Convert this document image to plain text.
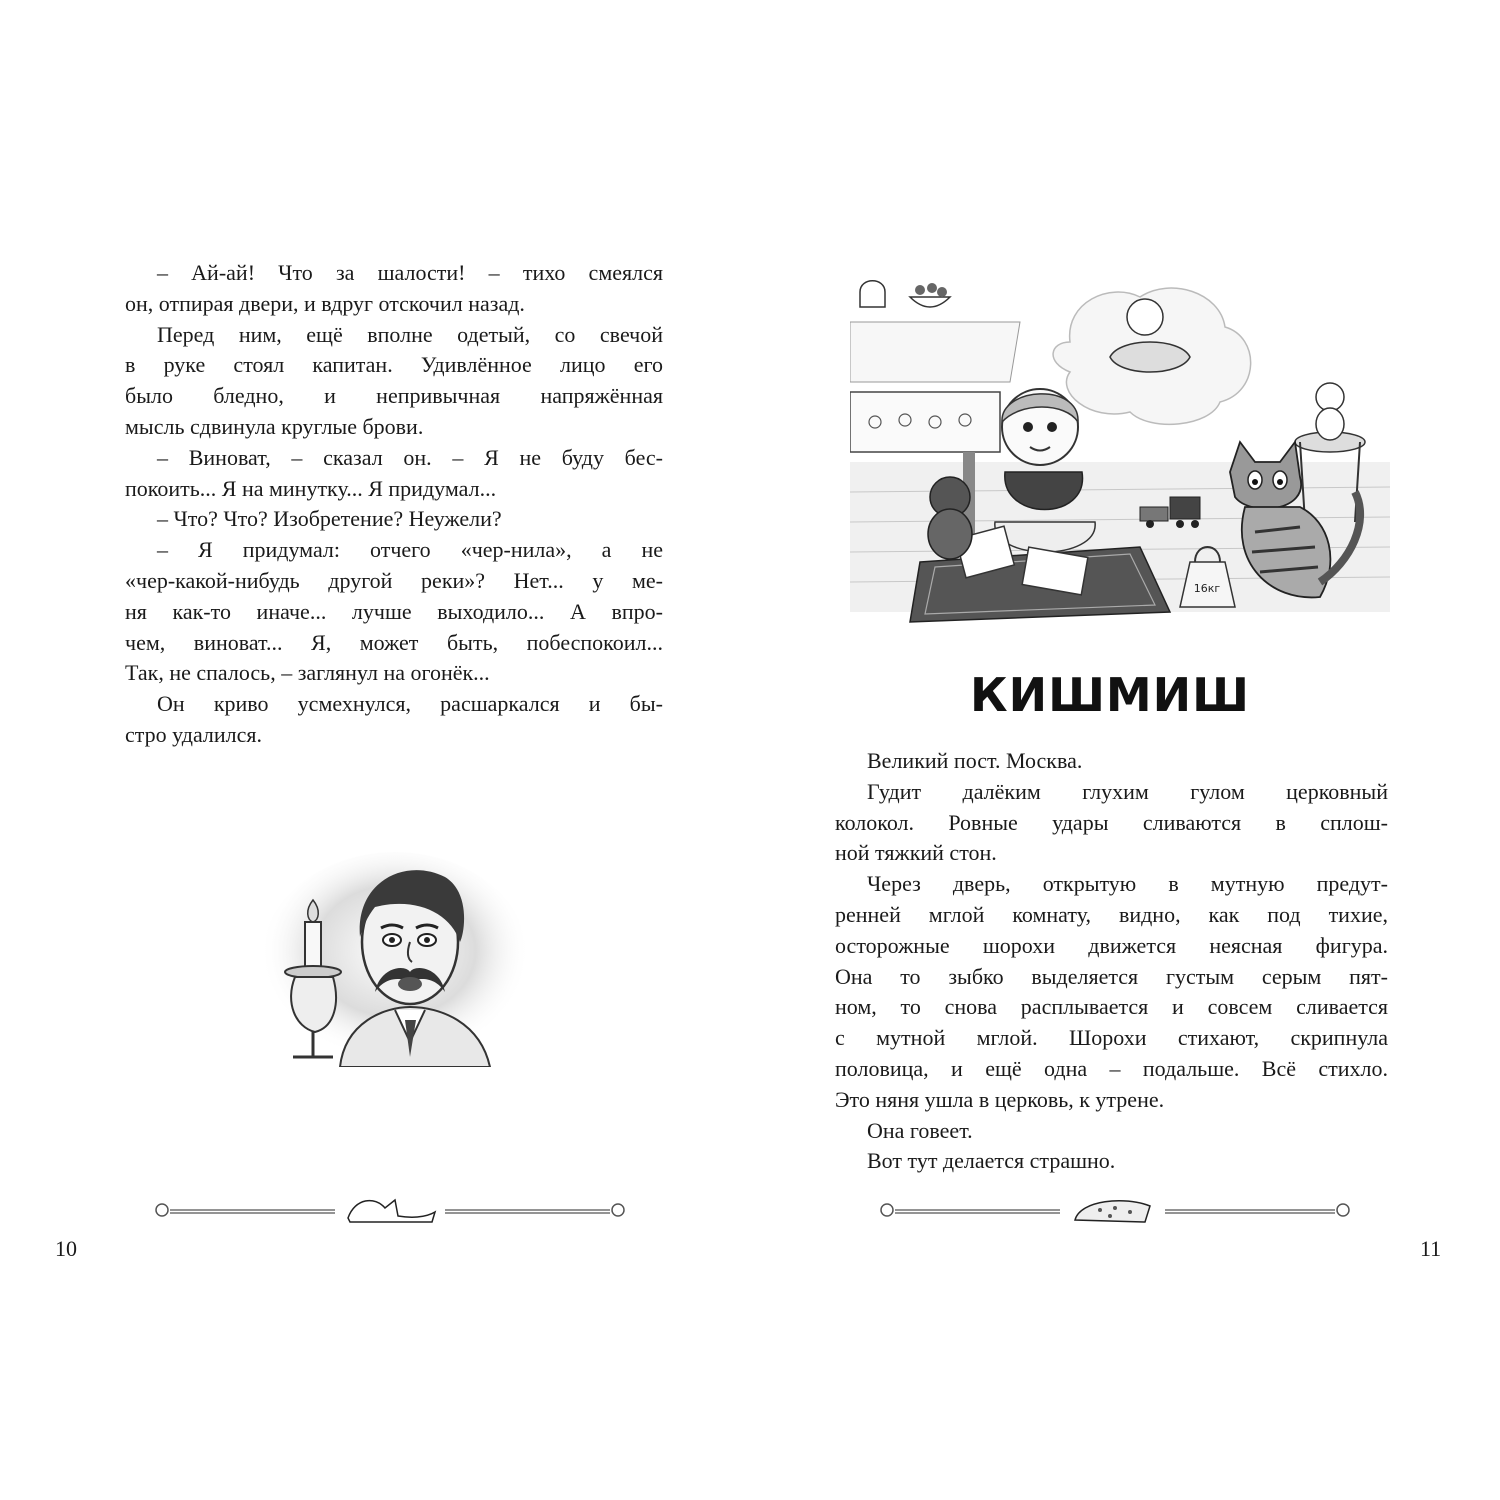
– Ай-ай! Что за шалости! – тихо смеялся
он, отпирая двери, и вдруг отскочил назад.

Перед ним, ещё вполне одетый, со свечой
в руке стоял капитан. Удивлённое лицо его
было бледно, и непривычная напряжённая
мысль сдвинула круглые брови.

– Виноват, – сказал он. – Я не буду бес-
покоить... Я на минутку... Я придумал...

– Что? Что? Изобретение? Неужели?

– Я придумал: отчего «чер-нила», а не
«чер-какой-нибудь другой реки»? Нет... у ме-
ня как-то иначе... лучше выходило... А впро-
чем, виноват... Я, может быть, побеспокоил...
Так, не спалось, – заглянул на огонёк...

Он криво усмехнулся, расшаркался и бы-
стро удалился.

10
16кг
КИШМИШ

Великий пост. Москва.

Гудит далёким глухим гулом церковный
колокол. Ровные удары сливаются в сплош-
ной тяжкий стон.

Через дверь, открытую в мутную предут-
ренней мглой комнату, видно, как под тихие,
осторожные шорохи движется неясная фигура.
Она то зыбко выделяется густым серым пят-
ном, то снова расплывается и совсем сливается
с мутной мглой. Шорохи стихают, скрипнула
половица, и ещё одна – подальше. Всё стихло.
Это няня ушла в церковь, к утрене.

Она говеет.

Вот тут делается страшно.

11
